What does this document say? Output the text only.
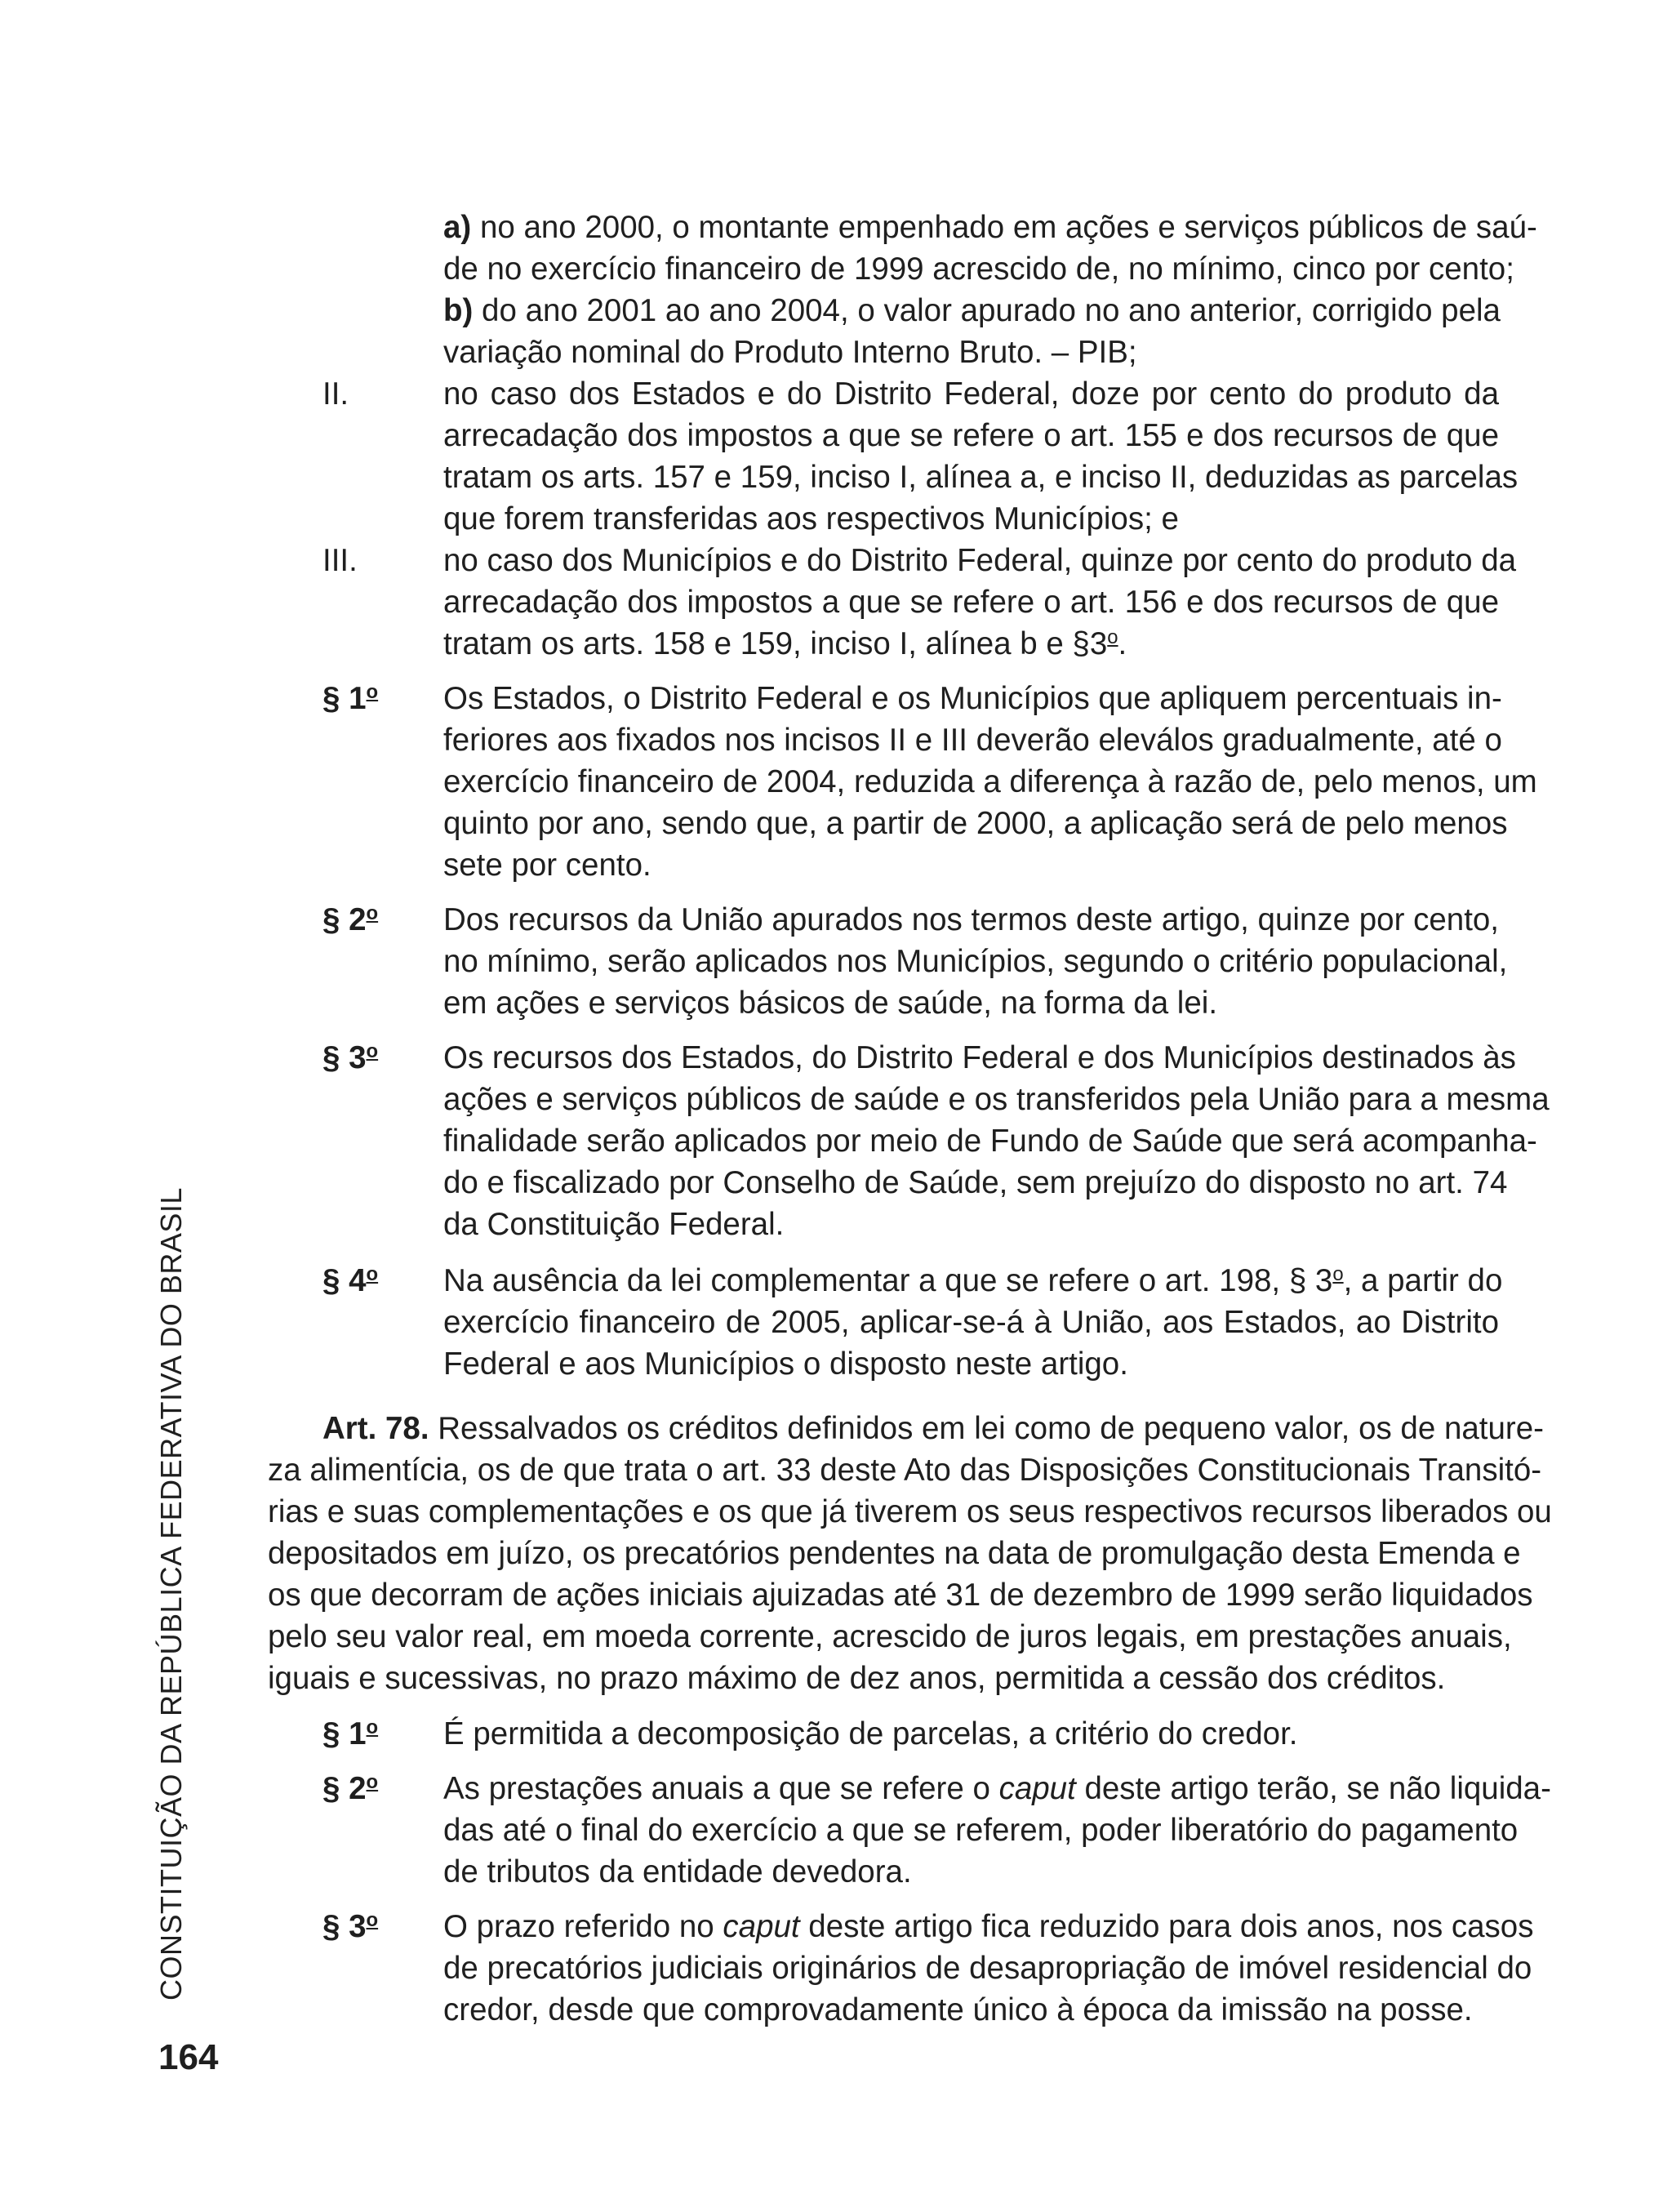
a) no ano 2000, o montante empenhado em ações e serviços públicos de saú-
de no exercício financeiro de 1999 acrescido de, no mínimo, cinco por cento;
b) do ano 2001 ao ano 2004, o valor apurado no ano anterior, corrigido pela
variação nominal do Produto Interno Bruto. – PIB;
II.	no caso dos Estados e do Distrito Federal, doze por cento do produto da
arrecadação dos impostos a que se refere o art. 155 e dos recursos de que
tratam os arts. 157 e 159, inciso I, alínea a, e inciso II, deduzidas as parcelas
que forem transferidas aos respectivos Municípios; e
III.	no caso dos Municípios e do Distrito Federal, quinze por cento do produto da
arrecadação dos impostos a que se refere o art. 156 e dos recursos de que
tratam os arts. 158 e 159, inciso I, alínea b e §3$^o$.
§ 1$^o$	Os Estados, o Distrito Federal e os Municípios que apliquem percentuais in-
feriores aos fixados nos incisos II e III deverão eleválos gradualmente, até o
exercício financeiro de 2004, reduzida a diferença à razão de, pelo menos, um
quinto por ano, sendo que, a partir de 2000, a aplicação será de pelo menos
sete por cento.
§ 2$^o$	Dos recursos da União apurados nos termos deste artigo, quinze por cento,
no mínimo, serão aplicados nos Municípios, segundo o critério populacional,
em ações e serviços básicos de saúde, na forma da lei.
§ 3$^o$	Os recursos dos Estados, do Distrito Federal e dos Municípios destinados às
ações e serviços públicos de saúde e os transferidos pela União para a mesma
finalidade serão aplicados por meio de Fundo de Saúde que será acompanha-
do e fiscalizado por Conselho de Saúde, sem prejuízo do disposto no art. 74
da Constituição Federal.
§ 4$^o$	Na ausência da lei complementar a que se refere o art. 198, § 3$^o$, a partir do
exercício financeiro de 2005, aplicar-se-á à União, aos Estados, ao Distrito
Federal e aos Municípios o disposto neste artigo.
Art. 78. Ressalvados os créditos definidos em lei como de pequeno valor, os de nature-
za alimentícia, os de que trata o art. 33 deste Ato das Disposições Constitucionais Transitó-
rias e suas complementações e os que já tiverem os seus respectivos recursos liberados ou
depositados em juízo, os precatórios pendentes na data de promulgação desta Emenda e
os que decorram de ações iniciais ajuizadas até 31 de dezembro de 1999 serão liquidados
pelo seu valor real, em moeda corrente, acrescido de juros legais, em prestações anuais,
iguais e sucessivas, no prazo máximo de dez anos, permitida a cessão dos créditos.
§ 1$^o$	É permitida a decomposição de parcelas, a critério do credor.
§ 2$^o$	As prestações anuais a que se refere o caput deste artigo terão, se não liquida-
das até o final do exercício a que se referem, poder liberatório do pagamento
de tributos da entidade devedora.
§ 3$^o$	O prazo referido no caput deste artigo fica reduzido para dois anos, nos casos
de precatórios judiciais originários de desapropriação de imóvel residencial do
credor, desde que comprovadamente único à época da imissão na posse.
CONSTITUIÇÃO DA REPÚBLICA FEDERATIVA DO BRASIL
164
